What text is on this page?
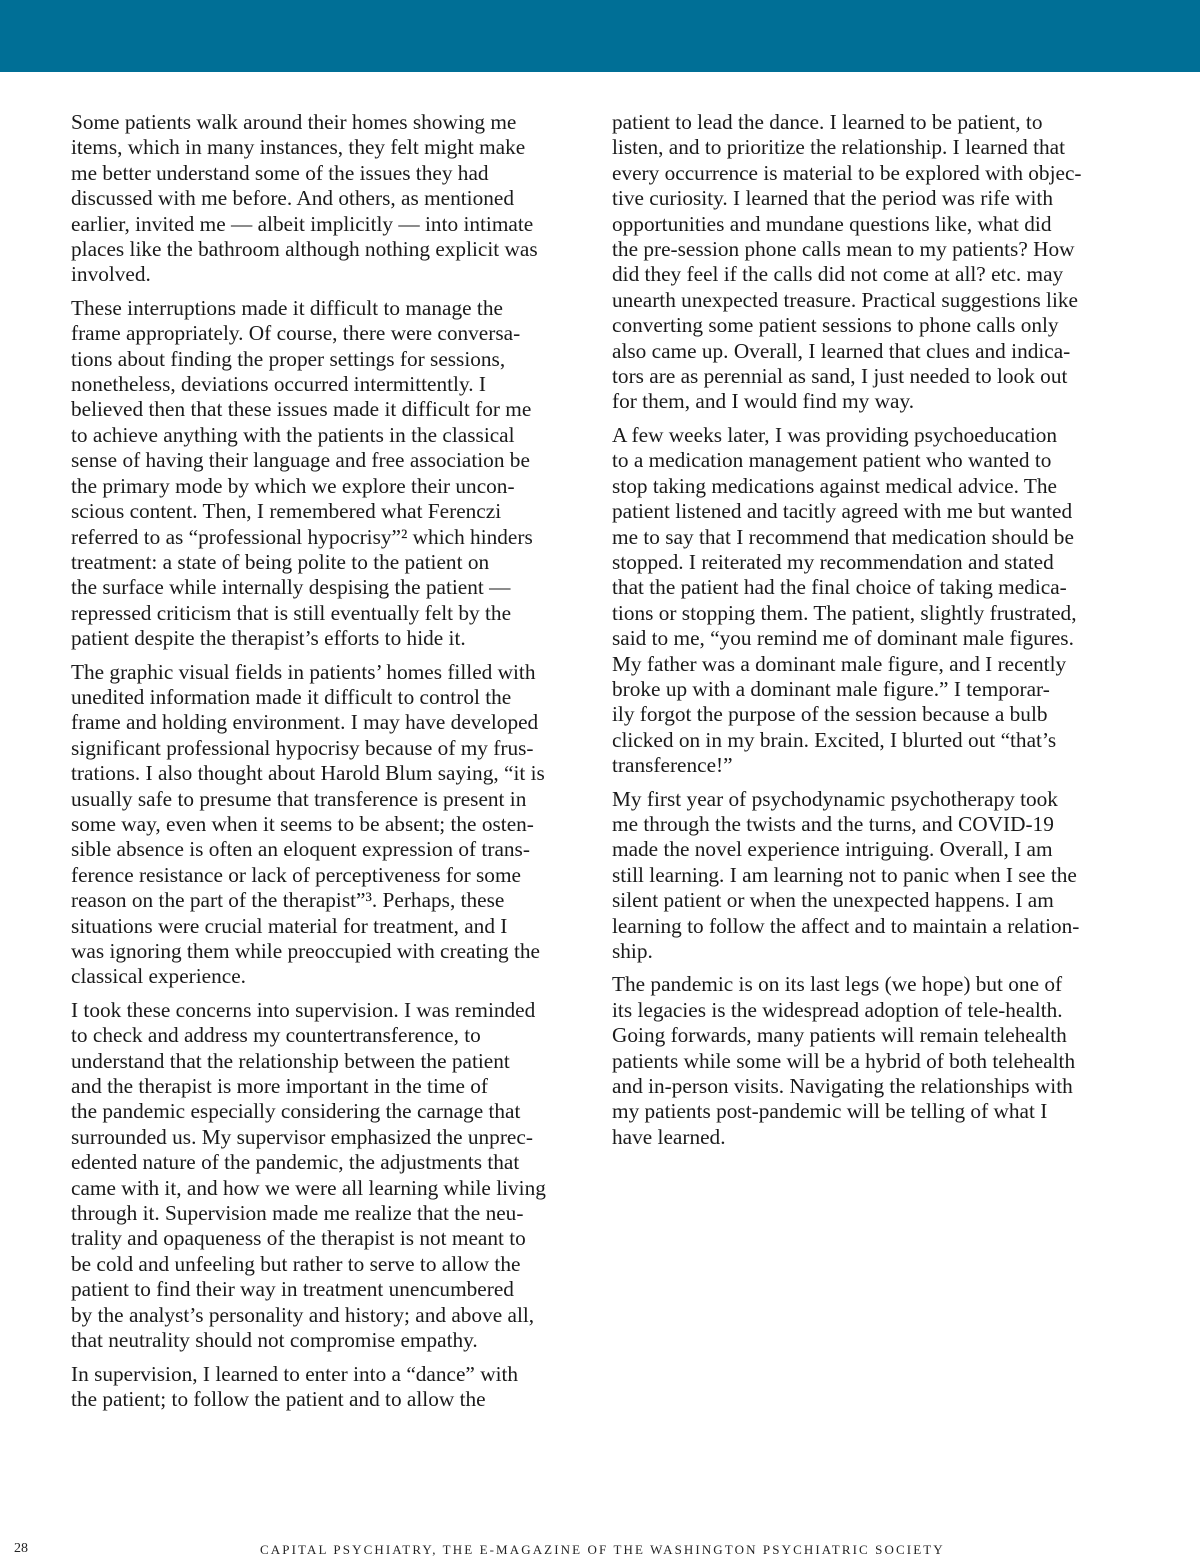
Some patients walk around their homes showing me
items, which in many instances, they felt might make
me better understand some of the issues they had
discussed with me before. And others, as mentioned
earlier, invited me — albeit implicitly — into intimate
places like the bathroom although nothing explicit was
involved.

These interruptions made it difficult to manage the
frame appropriately. Of course, there were conversa-
tions about finding the proper settings for sessions,
nonetheless, deviations occurred intermittently. I
believed then that these issues made it difficult for me
to achieve anything with the patients in the classical
sense of having their language and free association be
the primary mode by which we explore their uncon-
scious content. Then, I remembered what Ferenczi
referred to as “professional hypocrisy”² which hinders
treatment: a state of being polite to the patient on
the surface while internally despising the patient —
repressed criticism that is still eventually felt by the
patient despite the therapist’s efforts to hide it.

The graphic visual fields in patients’ homes filled with
unedited information made it difficult to control the
frame and holding environment. I may have developed
significant professional hypocrisy because of my frus-
trations. I also thought about Harold Blum saying, “it is
usually safe to presume that transference is present in
some way, even when it seems to be absent; the osten-
sible absence is often an eloquent expression of trans-
ference resistance or lack of perceptiveness for some
reason on the part of the therapist”³. Perhaps, these
situations were crucial material for treatment, and I
was ignoring them while preoccupied with creating the
classical experience.

I took these concerns into supervision. I was reminded
to check and address my countertransference, to
understand that the relationship between the patient
and the therapist is more important in the time of
the pandemic especially considering the carnage that
surrounded us. My supervisor emphasized the unprec-
edented nature of the pandemic, the adjustments that
came with it, and how we were all learning while living
through it. Supervision made me realize that the neu-
trality and opaqueness of the therapist is not meant to
be cold and unfeeling but rather to serve to allow the
patient to find their way in treatment unencumbered
by the analyst’s personality and history; and above all,
that neutrality should not compromise empathy.

In supervision, I learned to enter into a “dance” with
the patient; to follow the patient and to allow the

patient to lead the dance. I learned to be patient, to
listen, and to prioritize the relationship. I learned that
every occurrence is material to be explored with objec-
tive curiosity. I learned that the period was rife with
opportunities and mundane questions like, what did
the pre-session phone calls mean to my patients? How
did they feel if the calls did not come at all? etc. may
unearth unexpected treasure. Practical suggestions like
converting some patient sessions to phone calls only
also came up. Overall, I learned that clues and indica-
tors are as perennial as sand, I just needed to look out
for them, and I would find my way.

A few weeks later, I was providing psychoeducation
to a medication management patient who wanted to
stop taking medications against medical advice. The
patient listened and tacitly agreed with me but wanted
me to say that I recommend that medication should be
stopped. I reiterated my recommendation and stated
that the patient had the final choice of taking medica-
tions or stopping them. The patient, slightly frustrated,
said to me, “you remind me of dominant male figures.
My father was a dominant male figure, and I recently
broke up with a dominant male figure.” I temporar-
ily forgot the purpose of the session because a bulb
clicked on in my brain. Excited, I blurted out “that’s
transference!”

My first year of psychodynamic psychotherapy took
me through the twists and the turns, and COVID-19
made the novel experience intriguing. Overall, I am
still learning. I am learning not to panic when I see the
silent patient or when the unexpected happens. I am
learning to follow the affect and to maintain a relation-
ship.

The pandemic is on its last legs (we hope) but one of
its legacies is the widespread adoption of tele-health.
Going forwards, many patients will remain telehealth
patients while some will be a hybrid of both telehealth
and in-person visits. Navigating the relationships with
my patients post-pandemic will be telling of what I
have learned.

28	CAPITAL PSYCHIATRY, THE E-MAGAZINE OF THE WASHINGTON PSYCHIATRIC SOCIETY
